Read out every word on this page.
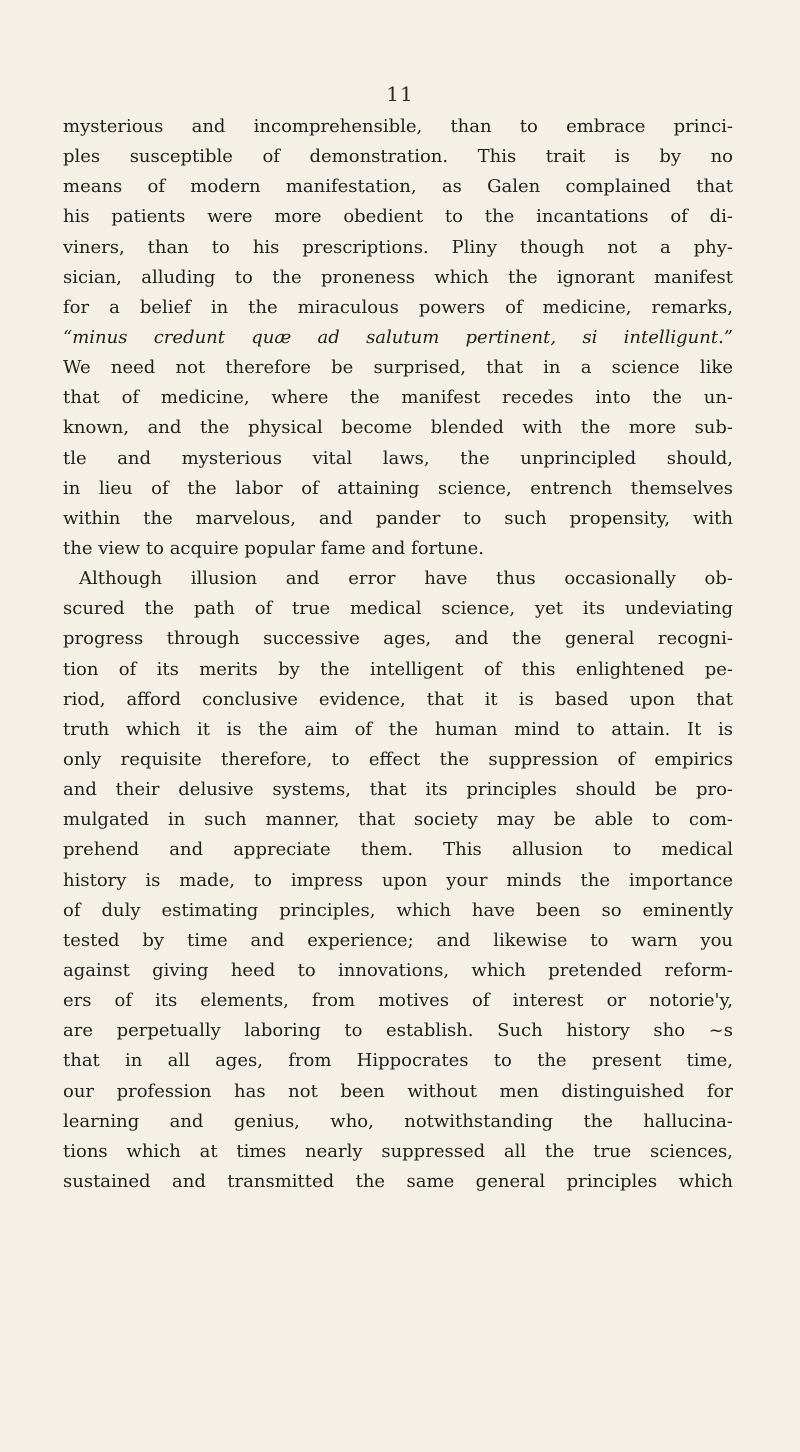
11
mysterious and incomprehensible, than to embrace princi-
ples susceptible of demonstration. This trait is by no
means of modern manifestation, as Galen complained that
his patients were more obedient to the incantations of di-
viners, than to his prescriptions. Pliny though not a phy-
sician, alluding to the proneness which the ignorant manifest
for a belief in the miraculous powers of medicine, remarks,
“minus credunt quæ ad salutum pertinent, si intelligunt.”
We need not therefore be surprised, that in a science like
that of medicine, where the manifest recedes into the un-
known, and the physical become blended with the more sub-
tle and mysterious vital laws, the unprincipled should,
in lieu of the labor of attaining science, entrench themselves
within the marvelous, and pander to such propensity, with
the view to acquire popular fame and fortune.
Although illusion and error have thus occasionally ob-
scured the path of true medical science, yet its undeviating
progress through successive ages, and the general recogni-
tion of its merits by the intelligent of this enlightened pe-
riod, afford conclusive evidence, that it is based upon that
truth which it is the aim of the human mind to attain. It is
only requisite therefore, to effect the suppression of empirics
and their delusive systems, that its principles should be pro-
mulgated in such manner, that society may be able to com-
prehend and appreciate them. This allusion to medical
history is made, to impress upon your minds the importance
of duly estimating principles, which have been so eminently
tested by time and experience; and likewise to warn you
against giving heed to innovations, which pretended reform-
ers of its elements, from motives of interest or notorie'y,
are perpetually laboring to establish. Such history sho ~s
that in all ages, from Hippocrates to the present time,
our profession has not been without men distinguished for
learning and genius, who, notwithstanding the hallucina-
tions which at times nearly suppressed all the true sciences,
sustained and transmitted the same general principles which
